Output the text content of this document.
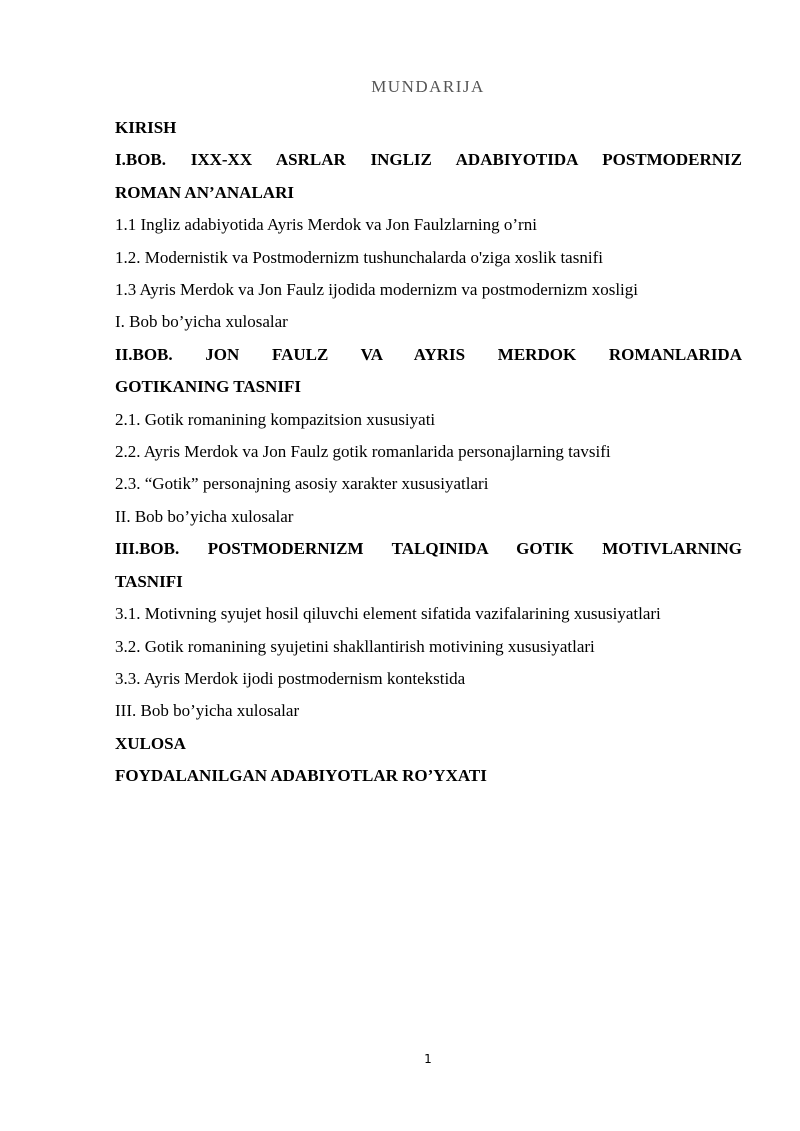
MUNDARIJA
KIRISH
I.BOB. IXX-XX ASRLAR INGLIZ ADABIYOTIDA POSTMODERNIZ
ROMAN AN’ANALARI
1.1 Ingliz adabiyotida Ayris Merdok va Jon Faulzlarning o’rni
1.2. Modernistik va Postmodernizm tushunchalarda o'ziga xoslik tasnifi
1.3 Ayris Merdok va Jon Faulz ijodida modernizm va postmodernizm xosligi
I. Bob bo’yicha xulosalar
II.BOB. JON FAULZ VA AYRIS MERDOK ROMANLARIDA
GOTIKANING TASNIFI
2.1. Gotik romanining kompazitsion xususiyati
2.2. Ayris Merdok va Jon Faulz gotik romanlarida personajlarning tavsifi
2.3. “Gotik” personajning asosiy xarakter xususiyatlari
II. Bob bo’yicha xulosalar
III.BOB. POSTMODERNIZM TALQINIDA GOTIK MOTIVLARNING
TASNIFI
3.1. Motivning syujet hosil qiluvchi element sifatida vazifalarining xususiyatlari
3.2. Gotik romanining syujetini shakllantirish motivining xususiyatlari
3.3. Ayris Merdok ijodi postmodernism kontekstida
III. Bob bo’yicha xulosalar
XULOSA
FOYDALANILGAN ADABIYOTLAR RO’YXATI
1
